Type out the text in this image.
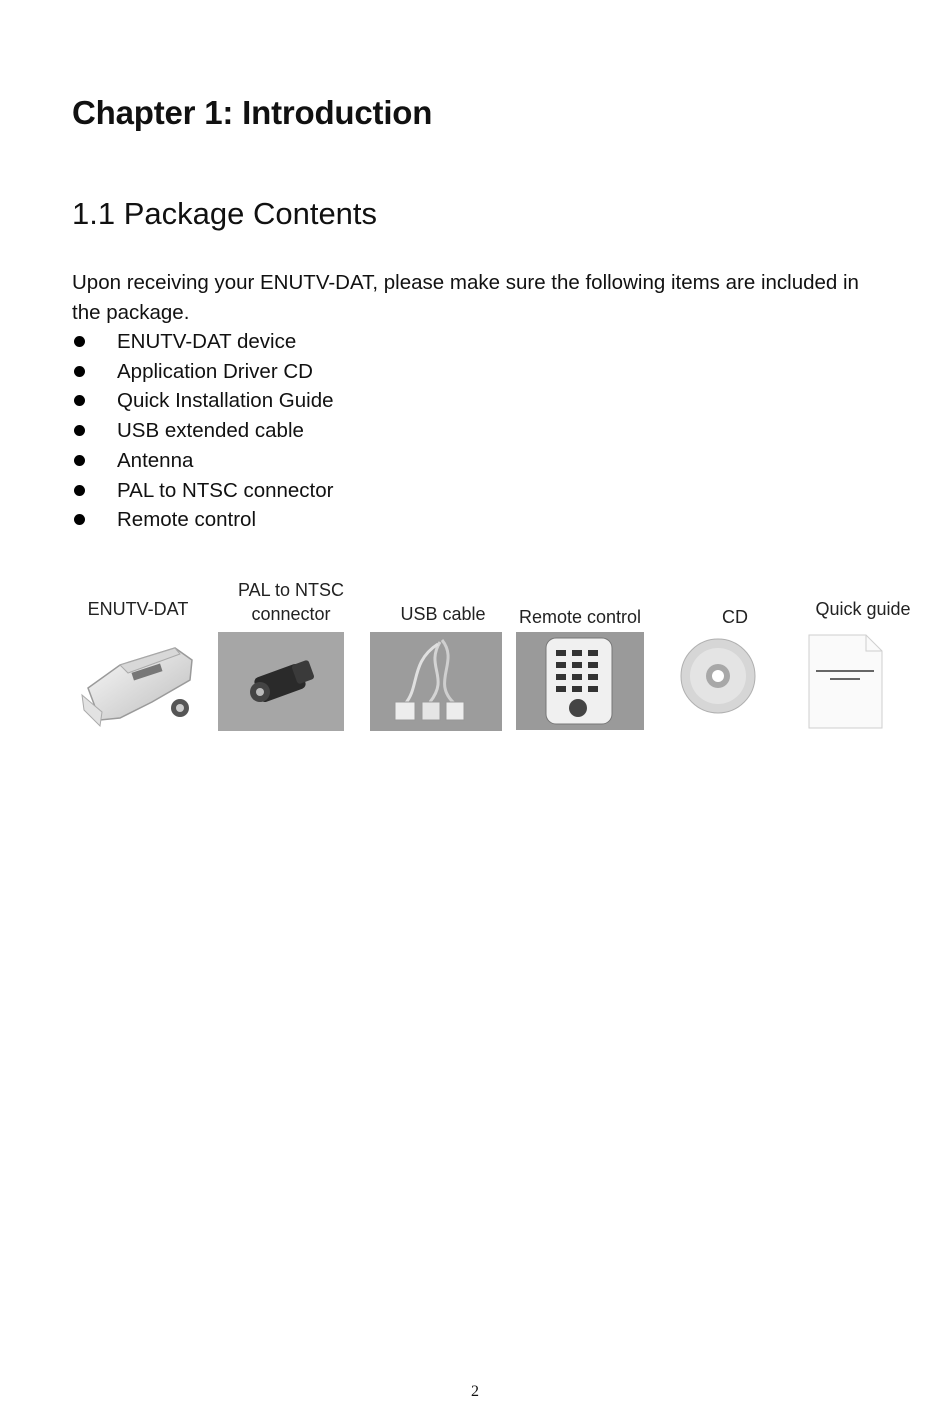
Chapter 1: Introduction
1.1 Package Contents

Upon receiving your ENUTV-DAT, please make sure the following items are included in the package.

ENUTV-DAT device
Application Driver CD
Quick Installation Guide
USB extended cable
Antenna
PAL to NTSC connector
Remote control
ENUTV-DAT
PAL to NTSC
connector	USB cable	Remote control	CD	Quick guide
2
